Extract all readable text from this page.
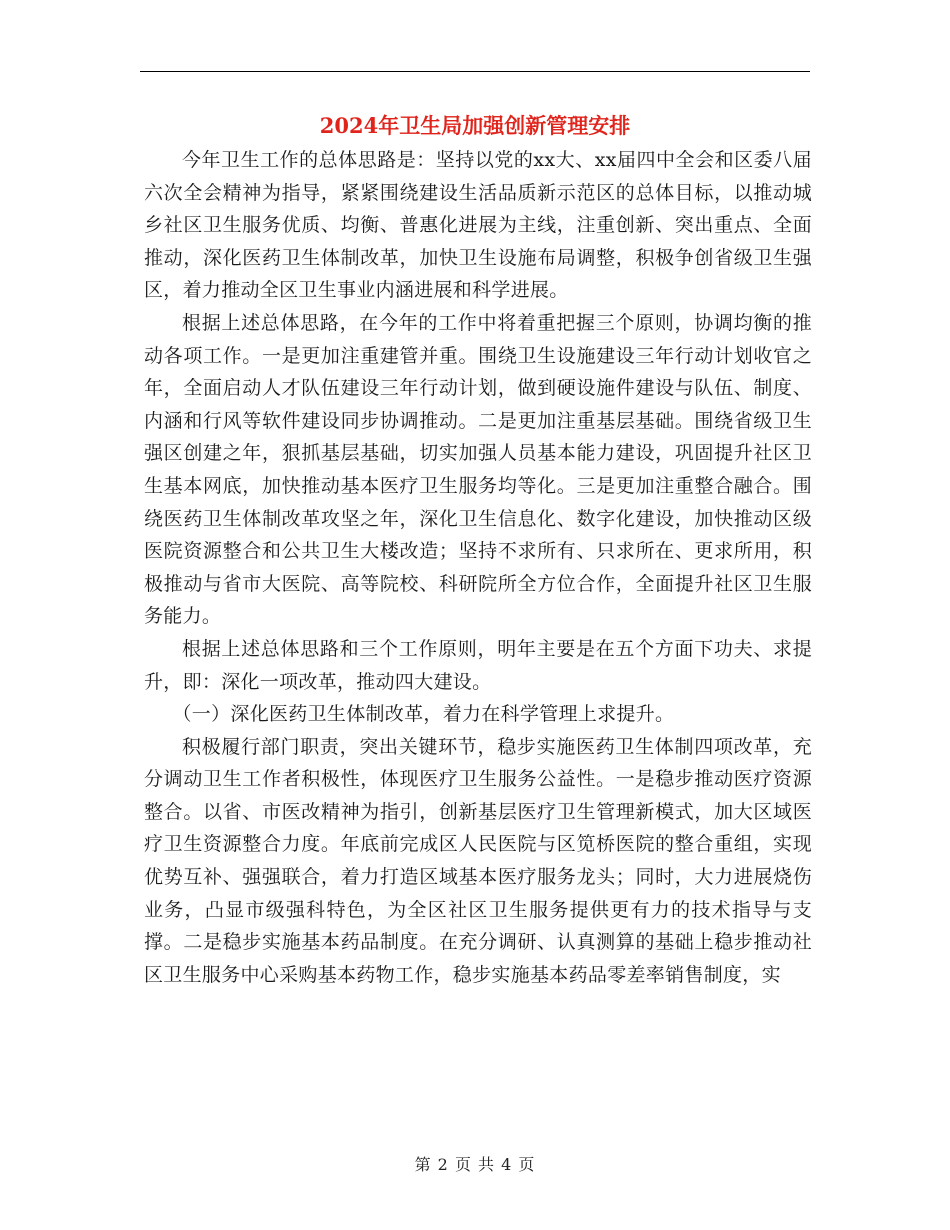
2024年卫生局加强创新管理安排

今年卫生工作的总体思路是：坚持以党的xx大、xx届四中全会和区委八届六次全会精神为指导，紧紧围绕建设生活品质新示范区的总体目标，以推动城乡社区卫生服务优质、均衡、普惠化进展为主线，注重创新、突出重点、全面推动，深化医药卫生体制改革，加快卫生设施布局调整，积极争创省级卫生强区，着力推动全区卫生事业内涵进展和科学进展。

根据上述总体思路，在今年的工作中将着重把握三个原则，协调均衡的推动各项工作。一是更加注重建管并重。围绕卫生设施建设三年行动计划收官之年，全面启动人才队伍建设三年行动计划，做到硬设施件建设与队伍、制度、内涵和行风等软件建设同步协调推动。二是更加注重基层基础。围绕省级卫生强区创建之年，狠抓基层基础，切实加强人员基本能力建设，巩固提升社区卫生基本网底，加快推动基本医疗卫生服务均等化。三是更加注重整合融合。围绕医药卫生体制改革攻坚之年，深化卫生信息化、数字化建设，加快推动区级医院资源整合和公共卫生大楼改造；坚持不求所有、只求所在、更求所用，积极推动与省市大医院、高等院校、科研院所全方位合作，全面提升社区卫生服务能力。

根据上述总体思路和三个工作原则，明年主要是在五个方面下功夫、求提升，即：深化一项改革，推动四大建设。

（一）深化医药卫生体制改革，着力在科学管理上求提升。

积极履行部门职责，突出关键环节，稳步实施医药卫生体制四项改革，充分调动卫生工作者积极性，体现医疗卫生服务公益性。一是稳步推动医疗资源整合。以省、市医改精神为指引，创新基层医疗卫生管理新模式，加大区域医疗卫生资源整合力度。年底前完成区人民医院与区笕桥医院的整合重组，实现优势互补、强强联合，着力打造区域基本医疗服务龙头；同时，大力进展烧伤业务，凸显市级强科特色，为全区社区卫生服务提供更有力的技术指导与支撑。二是稳步实施基本药品制度。在充分调研、认真测算的基础上稳步推动社区卫生服务中心采购基本药物工作，稳步实施基本药品零差率销售制度，实

第 2 页 共 4 页
